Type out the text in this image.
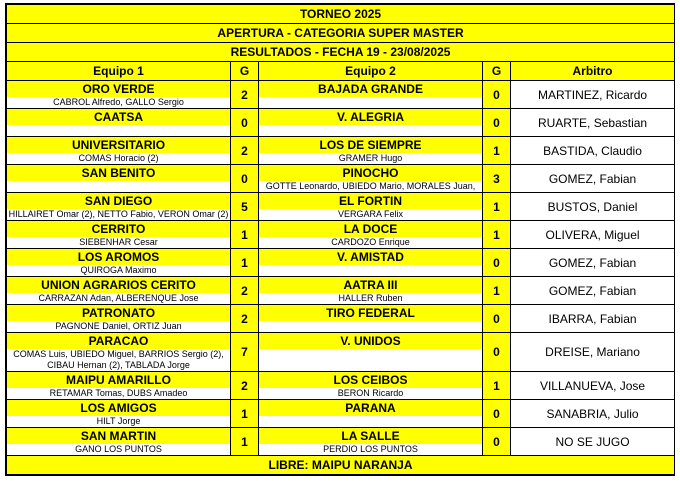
TORNEO 2025				
APERTURA - CATEGORIA SUPER MASTER				
RESULTADOS - FECHA 19 - 23/08/2025				
Equipo 1	G	Equipo 2	G	Arbitro
ORO VERDE	2	BAJADA GRANDE	0	MARTINEZ, Ricardo
CABROL Alfredo, GALLO Sergio				
CAATSA	0	V. ALEGRIA	0	RUARTE, Sebastian

UNIVERSITARIO	2	LOS DE SIEMPRE	1	BASTIDA, Claudio
COMAS Horacio (2)		GRAMER Hugo		
SAN BENITO	0	PINOCHO	3	GOMEZ, Fabian
		GOTTE Leonardo, UBIEDO Mario, MORALES Juan,		
SAN DIEGO	5	EL FORTIN	1	BUSTOS, Daniel
HILLAIRET Omar (2), NETTO Fabio, VERON Omar (2)		VERGARA Felix		
CERRITO	1	LA DOCE	1	OLIVERA, Miguel
SIEBENHAR Cesar		CARDOZO Enrique		
LOS AROMOS	1	V. AMISTAD	0	GOMEZ, Fabian
QUIROGA Maximo				
UNION AGRARIOS CERITO	2	AATRA III	1	GOMEZ, Fabian
CARRAZAN Adan, ALBERENQUE Jose		HALLER Ruben		
PATRONATO	2	TIRO FEDERAL	0	IBARRA, Fabian
PAGNONE Daniel, ORTIZ Juan				
PARACAO	7	V. UNIDOS	0	DREISE, Mariano
COMAS Luis, UBIEDO Miguel, BARRIOS Sergio (2), CIBAU Hernan (2), TABLADA Jorge				
MAIPU AMARILLO	2	LOS CEIBOS	1	VILLANUEVA, Jose
RETAMAR Tomas, DUBS Amadeo		BERON Ricardo		
LOS AMIGOS	1	PARANA	0	SANABRIA, Julio
HILT Jorge				
SAN MARTIN	1	LA SALLE	0	NO SE JUGO
GANO LOS PUNTOS		PERDIO LOS PUNTOS		
LIBRE: MAIPU NARANJA				
